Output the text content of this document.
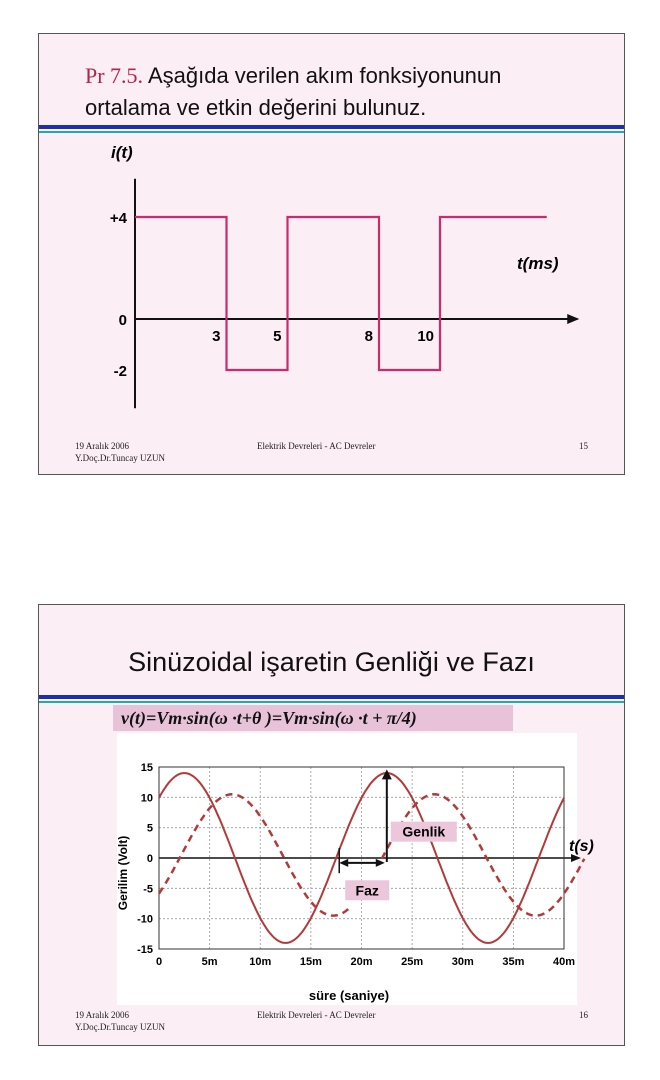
Pr 7.5. Aşağıda verilen akım fonksiyonunun
ortalama ve etkin değerini bulunuz.
3	5	8	10
+4
0
-2
i(t)
t(ms)
19 Aralık 2006
Y.Doç.Dr.Tuncay UZUN
Elektrik Devreleri - AC Devreler	15
Sinüzoidal işaretin Genliği ve Fazı
v(t)=Vm·sin(ω ·t+θ )=Vm·sin(ω ·t + π/4)
0	5m	10m	15m	20m	25m	30m	35m	40m
15
10
5
0
-5
-10
-15
Genlik
Faz
Gerilim (Volt)
süre (saniye)
t(s)
19 Aralık 2006
Y.Doç.Dr.Tuncay UZUN
Elektrik Devreleri - AC Devreler	16
